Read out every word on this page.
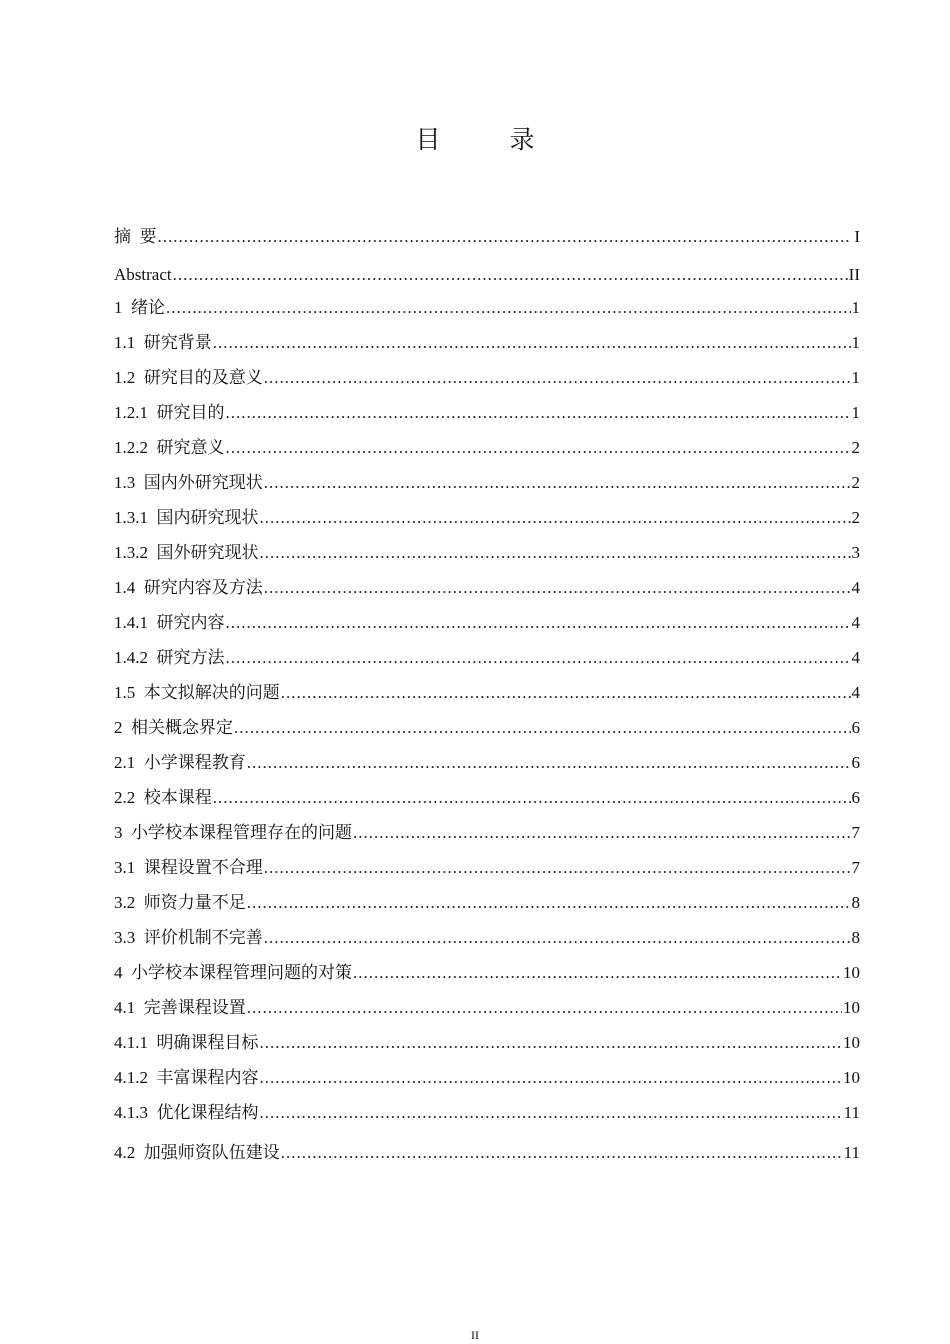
目　录
摘  要 .....	I
Abstract .....	II
1  绪论 .....	1
1.1  研究背景 .....	1
1.2  研究目的及意义 .....	1
1.2.1  研究目的 .....	1
1.2.2  研究意义 .....	2
1.3  国内外研究现状 .....	2
1.3.1  国内研究现状 .....	2
1.3.2  国外研究现状 .....	3
1.4  研究内容及方法 .....	4
1.4.1  研究内容 .....	4
1.4.2  研究方法 .....	4
1.5  本文拟解决的问题 .....	4
2  相关概念界定 .....	6
2.1  小学课程教育 .....	6
2.2  校本课程 .....	6
3  小学校本课程管理存在的问题 .....	7
3.1  课程设置不合理 .....	7
3.2  师资力量不足 .....	8
3.3  评价机制不完善 .....	8
4  小学校本课程管理问题的对策 .....	10
4.1  完善课程设置 .....	10
4.1.1  明确课程目标 .....	10
4.1.2  丰富课程内容 .....	10
4.1.3  优化课程结构 .....	11
4.2  加强师资队伍建设 .....	11
II
